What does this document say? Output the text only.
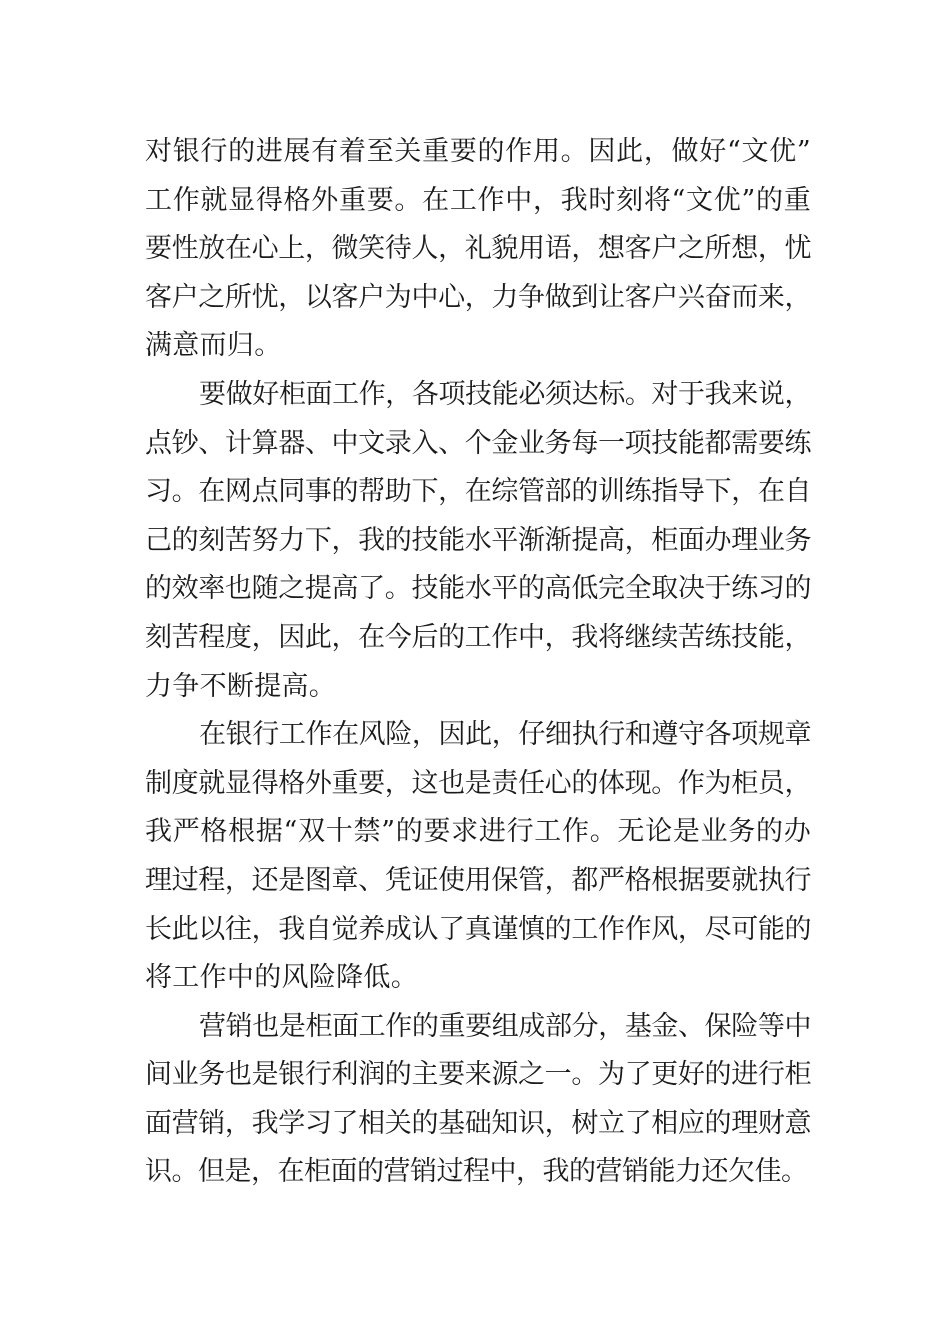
对银行的进展有着至关重要的作用。因此，做好“文优”
工作就显得格外重要。在工作中，我时刻将“文优”的重
要性放在心上，微笑待人，礼貌用语，想客户之所想，忧
客户之所忧，以客户为中心，力争做到让客户兴奋而来，
满意而归。
要做好柜面工作，各项技能必须达标。对于我来说，
点钞、计算器、中文录入、个金业务每一项技能都需要练
习。在网点同事的帮助下，在综管部的训练指导下，在自
己的刻苦努力下，我的技能水平渐渐提高，柜面办理业务
的效率也随之提高了。技能水平的高低完全取决于练习的
刻苦程度，因此，在今后的工作中，我将继续苦练技能，
力争不断提高。
在银行工作在风险，因此，仔细执行和遵守各项规章
制度就显得格外重要，这也是责任心的体现。作为柜员，
我严格根据“双十禁”的要求进行工作。无论是业务的办
理过程，还是图章、凭证使用保管，都严格根据要就执行
长此以往，我自觉养成认了真谨慎的工作作风，尽可能的
将工作中的风险降低。
营销也是柜面工作的重要组成部分，基金、保险等中
间业务也是银行利润的主要来源之一。为了更好的进行柜
面营销，我学习了相关的基础知识，树立了相应的理财意
识。但是，在柜面的营销过程中，我的营销能力还欠佳。
